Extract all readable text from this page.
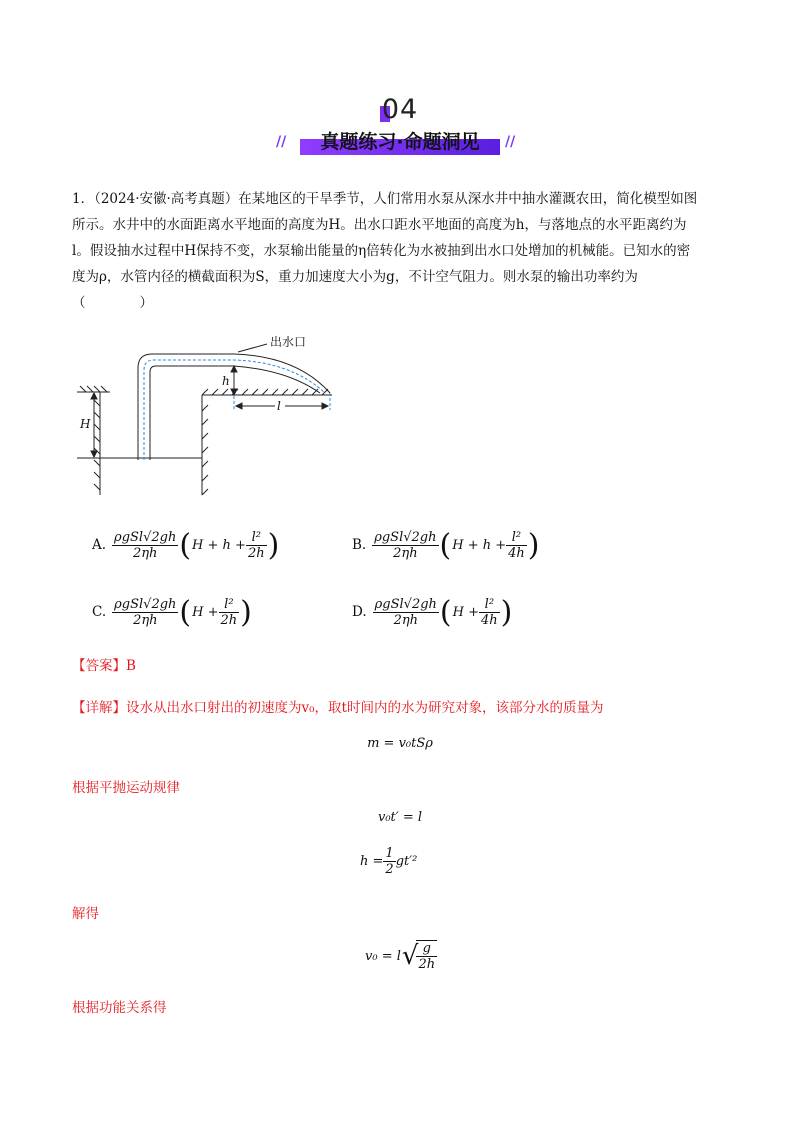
04
真题练习·命题洞见
//	//
1．（2024·安徽·高考真题）在某地区的干旱季节，人们常用水泵从深水井中抽水灌溉农田，简化模型如图
所示。水井中的水面距离水平地面的高度为H。出水口距水平地面的高度为h，与落地点的水平距离约为
l。假设抽水过程中H保持不变，水泵输出能量的η倍转化为水被抽到出水口处增加的机械能。已知水的密
度为ρ，水管内径的横截面积为S，重力加速度大小为g，不计空气阻力。则水泵的输出功率约为
（　　　　）
出水口
h
H
l
A. $\frac{\text{ρgSl√2gh}}{2\eta h}$ ( $H + h + \frac{\text{l²}}{2h}$ )	B. $\frac{\text{ρgSl√2gh}}{2\eta h}$ ( $H + h + \frac{\text{l²}}{4h}$ )
C. $\frac{\text{ρgSl√2gh}}{2\eta h}$ ( $H + \frac{\text{l²}}{2h}$ )	D. $\frac{\text{ρgSl√2gh}}{2\eta h}$ ( $H + \frac{\text{l²}}{4h}$ )
【答案】B
【详解】设水从出水口射出的初速度为v₀，取t时间内的水为研究对象，该部分水的质量为
m = v₀tSρ
根据平抛运动规律
v₀t′ = l
$h = \frac{1}{2} gt'^2$
解得
v₀ = l √
$\frac{g}{2h}$
根据功能关系得
